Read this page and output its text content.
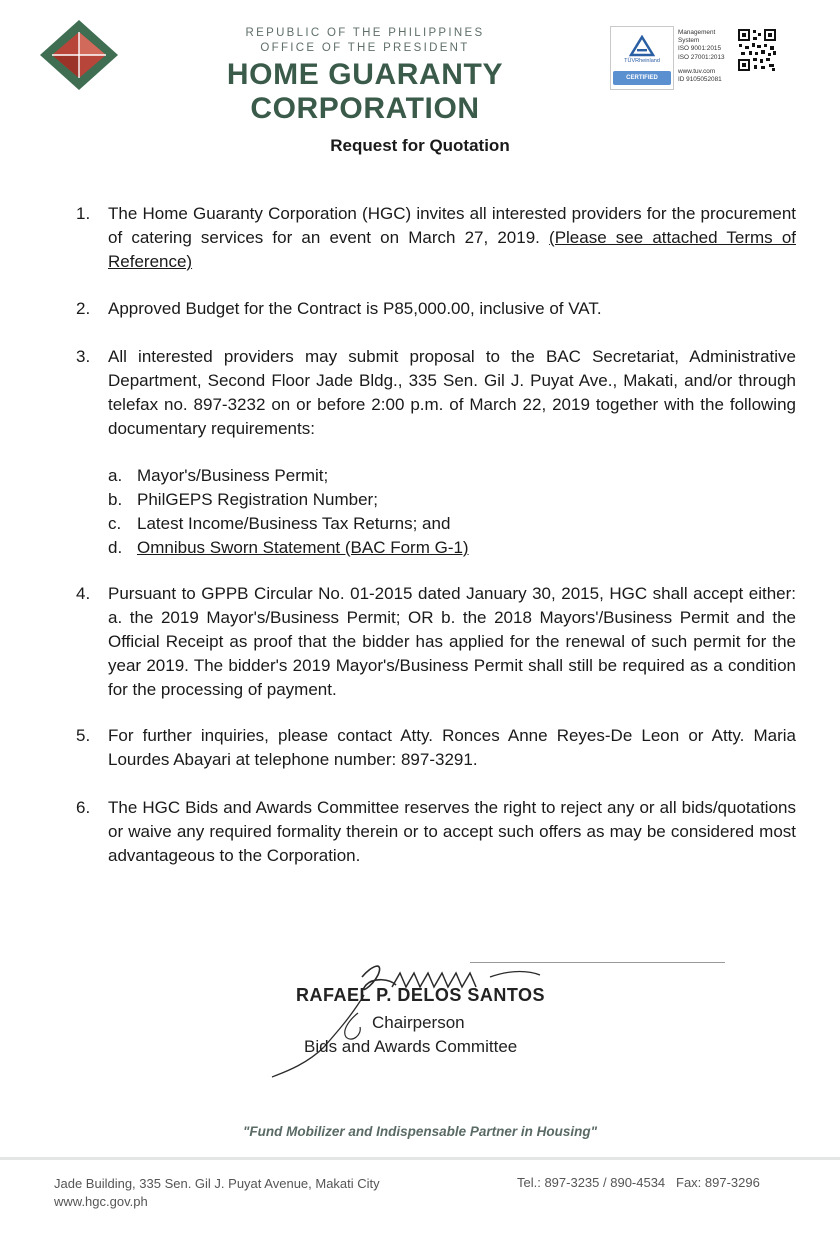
REPUBLIC OF THE PHILIPPINES
OFFICE OF THE PRESIDENT
HOME GUARANTY CORPORATION
TÜVRheinland
CERTIFIED
Management
System
ISO 9001:2015
ISO 27001:2013
www.tuv.com
ID 9105052081
Request for Quotation
1.	The Home Guaranty Corporation (HGC) invites all interested providers for the procurement of catering services for an event on March 27, 2019. (Please see attached Terms of Reference)
2.	Approved Budget for the Contract is P85,000.00, inclusive of VAT.
3.	All interested providers may submit proposal to the BAC Secretariat, Administrative Department, Second Floor Jade Bldg., 335 Sen. Gil J. Puyat Ave., Makati, and/or through telefax no. 897-3232 on or before 2:00 p.m. of March 22, 2019 together with the following documentary requirements:
a. Mayor's/Business Permit;
b. PhilGEPS Registration Number;
c. Latest Income/Business Tax Returns; and
d. Omnibus Sworn Statement (BAC Form G-1)
4.	Pursuant to GPPB Circular No. 01-2015 dated January 30, 2015, HGC shall accept either: a. the 2019 Mayor's/Business Permit; OR b. the 2018 Mayors'/Business Permit and the Official Receipt as proof that the bidder has applied for the renewal of such permit for the year 2019. The bidder's 2019 Mayor's/Business Permit shall still be required as a condition for the processing of payment.
5.	For further inquiries, please contact Atty. Ronces Anne Reyes-De Leon or Atty. Maria Lourdes Abayari at telephone number: 897-3291.
6.	The HGC Bids and Awards Committee reserves the right to reject any or all bids/quotations or waive any required formality therein or to accept such offers as may be considered most advantageous to the Corporation.
RAFAEL P. DELOS SANTOS
Chairperson
Bids and Awards Committee
"Fund Mobilizer and Indispensable Partner in Housing"
Jade Building, 335 Sen. Gil J. Puyat Avenue, Makati City
www.hgc.gov.ph
Tel.: 897-3235 / 890-4534   Fax: 897-3296
